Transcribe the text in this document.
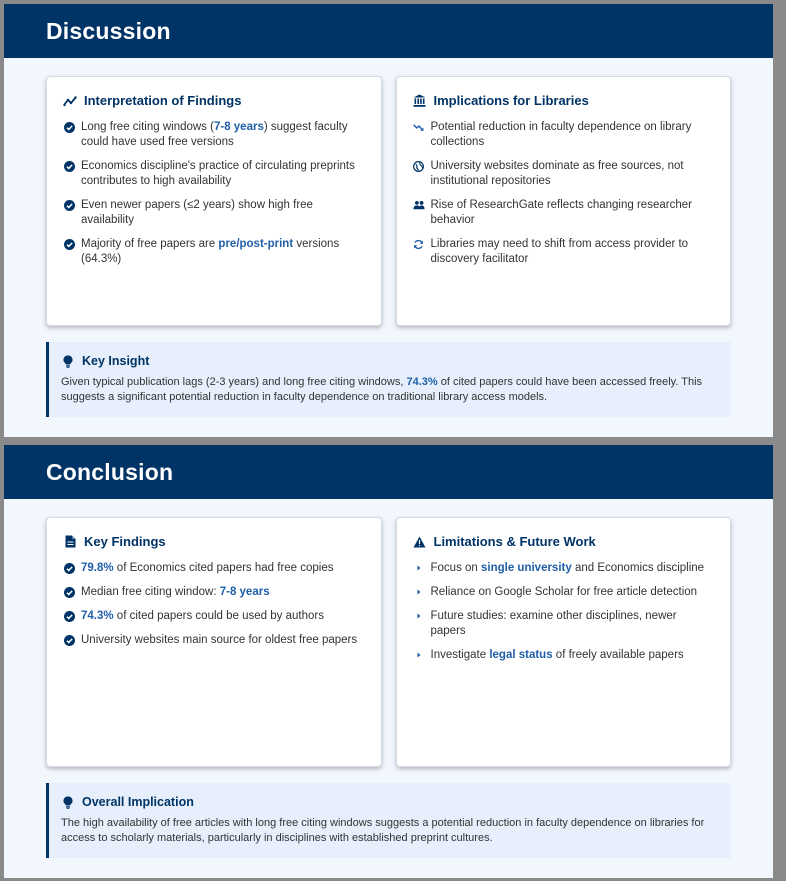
Discussion
Interpretation of Findings
Long free citing windows (7-8 years) suggest faculty could have used free versions
Economics discipline's practice of circulating preprints contributes to high availability
Even newer papers (≤2 years) show high free availability
Majority of free papers are pre/post-print versions (64.3%)
Implications for Libraries
Potential reduction in faculty dependence on library collections
University websites dominate as free sources, not institutional repositories
Rise of ResearchGate reflects changing researcher behavior
Libraries may need to shift from access provider to discovery facilitator
Key Insight
Given typical publication lags (2-3 years) and long free citing windows, 74.3% of cited papers could have been accessed freely. This suggests a significant potential reduction in faculty dependence on traditional library access models.
Conclusion
Key Findings
79.8% of Economics cited papers had free copies
Median free citing window: 7-8 years
74.3% of cited papers could be used by authors
University websites main source for oldest free papers
Limitations & Future Work
Focus on single university and Economics discipline
Reliance on Google Scholar for free article detection
Future studies: examine other disciplines, newer papers
Investigate legal status of freely available papers
Overall Implication
The high availability of free articles with long free citing windows suggests a potential reduction in faculty dependence on libraries for access to scholarly materials, particularly in disciplines with established preprint cultures.
